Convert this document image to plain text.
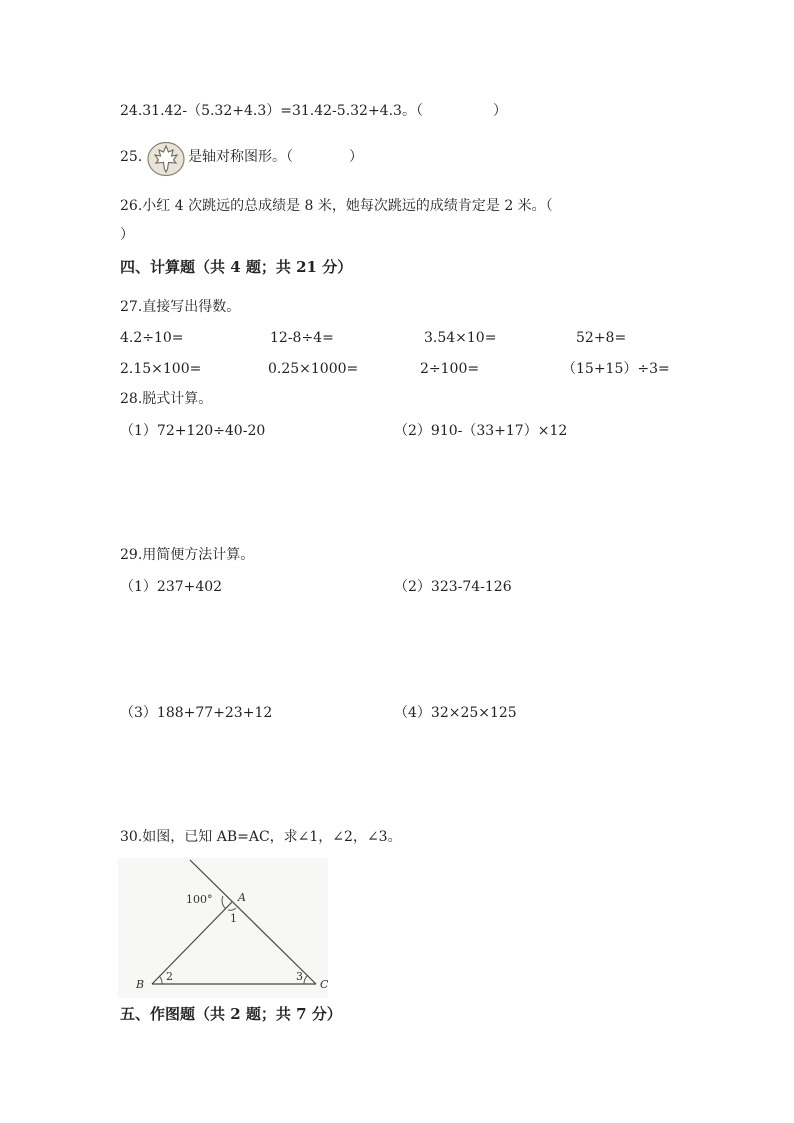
24.31.42-（5.32+4.3）=31.42-5.32+4.3。（　　　　　）
25.	是轴对称图形。（　　　　）
26.小红 4 次跳远的总成绩是 8 米，她每次跳远的成绩肯定是 2 米。（
）
四、计算题（共 4 题；共 21 分）
27.直接写出得数。
4.2÷10=	12-8÷4=	3.54×10=	52+8=
2.15×100=	0.25×1000=	2÷100=	（15+15）÷3=
28.脱式计算。
（1）72+120÷40-20	（2）910-（33+17）×12
29.用简便方法计算。
（1）237+402	（2）323-74-126
（3）188+77+23+12	（4）32×25×125
30.如图，已知 AB=AC，求∠1，∠2，∠3。
100° A
1
B
2
C
3
五、作图题（共 2 题；共 7 分）
